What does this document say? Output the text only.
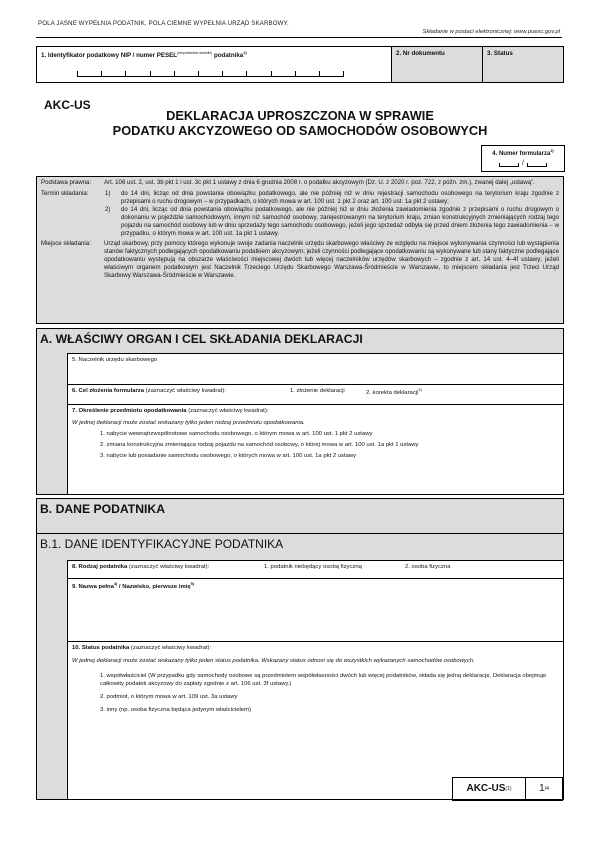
POLA JASNE WYPEŁNIA PODATNIK, POLA CIEMNE WYPEŁNIA URZĄD SKARBOWY.
Składanie w postaci elektronicznej: www.puesc.gov.pl
1. Identyfikator podatkowy NIP / numer $PESEL^{(niepotrzebne skreślić)}$ podatnika$^{1)}$	2. Nr dokumentu	3. Status
AKC-US
DEKLARACJA UPROSZCZONA W SPRAWIE
PODATKU AKCYZOWEGO OD SAMOCHODÓW OSOBOWYCH
4. Numer formularza$^{2)}$
/
Podstawa prawna:	Art. 106 ust. 2, ust. 3b pkt 1 i ust. 3c pkt 1 ustawy z dnia 6 grudnia 2008 r. o podatku akcyzowym (Dz. U. z 2020 r. poz. 722, z późn. zm.), zwanej dalej „ustawą”.
Termin składania:	1)	do 14 dni, licząc od dnia powstania obowiązku podatkowego, ale nie później niż w dniu rejestracji samochodu osobowego na terytorium kraju zgodnie z przepisami o ruchu drogowym – w przypadkach, o których mowa w art. 100 ust. 1 pkt 2 oraz art. 100 ust. 1a pkt 2 ustawy;
2)	do 14 dni, licząc od dnia powstania obowiązku podatkowego, ale nie później niż w dniu złożenia zawiadomienia zgodnie z przepisami o ruchu drogowym o dokonaniu w pojeździe samochodowym, innym niż samochód osobowy, zarejestrowanym na terytorium kraju, zmian konstrukcyjnych zmieniających rodzaj tego pojazdu na samochód osobowy lub w dniu sprzedaży tego samochodu osobowego, jeżeli jego sprzedaż odbyła się przed dniem złożenia tego zawiadomienia – w przypadku, o którym mowa w art. 100 ust. 1a pkt 1 ustawy.
Miejsce składania:	Urząd skarbowy, przy pomocy którego wykonuje swoje zadania naczelnik urzędu skarbowego właściwy ze względu na miejsce wykonywania czynności lub wystąpienia stanów faktycznych podlegających opodatkowaniu podatkiem akcyzowym; jeżeli czynności podlegające opodatkowaniu są wykonywane lub stany faktyczne podlegające opodatkowaniu występują na obszarze właściwości miejscowej dwóch lub więcej naczelników urzędów skarbowych – zgodnie z art. 14 ust. 4–4f ustawy; jeżeli właściwym organem podatkowym jest Naczelnik Trzeciego Urzędu Skarbowego Warszawa-Śródmieście w Warszawie, to miejscem składania jest Trzeci Urząd Skarbowy Warszawa-Śródmieście w Warszawie.
A. WŁAŚCIWY ORGAN I CEL SKŁADANIA DEKLARACJI
5. Naczelnik urzędu skarbowego
6. Cel złożenia formularza (zaznaczyć właściwy kwadrat):	1. złożenie deklaracji	2. korekta deklaracji$^{3)}$
7. Określenie przedmiotu opodatkowania (zaznaczyć właściwy kwadrat):

W jednej deklaracji może zostać wskazany tylko jeden rodzaj przedmiotu opodatkowania.

1. nabycie wewnątrzwspólnotowe samochodu osobowego, o którym mowa w art. 100 ust. 1 pkt 2 ustawy
2. zmiana konstrukcyjna zmieniająca rodzaj pojazdu na samochód osobowy, o której mowa w art. 100 ust. 1a pkt 1 ustawy
3. nabycie lub posiadanie samochodu osobowego, o których mowa w art. 100 ust. 1a pkt 2 ustawy
B. DANE PODATNIKA
B.1. DANE IDENTYFIKACYJNE PODATNIKA
8. Rodzaj podatnika (zaznaczyć właściwy kwadrat):	1. podatnik niebędący osobą fizyczną	2. osoba fizyczna
9. Nazwa pełna$^{4)}$ / Nazwisko, pierwsze imię$^{5)}$
10. Status podatnika (zaznaczyć właściwy kwadrat):

W jednej deklaracji może zostać wskazany tylko jeden status podatnika. Wskazany status odnosi się do wszystkich wykazanych samochodów osobowych.

1. współwłaściciel (W przypadku gdy samochody osobowe są przedmiotem współwłasności dwóch lub więcej podatników, składa się jedną deklarację. Deklaracja obejmuje całkowity podatek akcyzowy do zapłaty zgodnie z art. 106 ust. 3f ustawy.)
2. podmiot, o którym mowa w art. 109 ust. 3a ustawy
3. inny (np. osoba fizyczna będąca jedynym właścicielem)
AKC-US (1)	1 /4
